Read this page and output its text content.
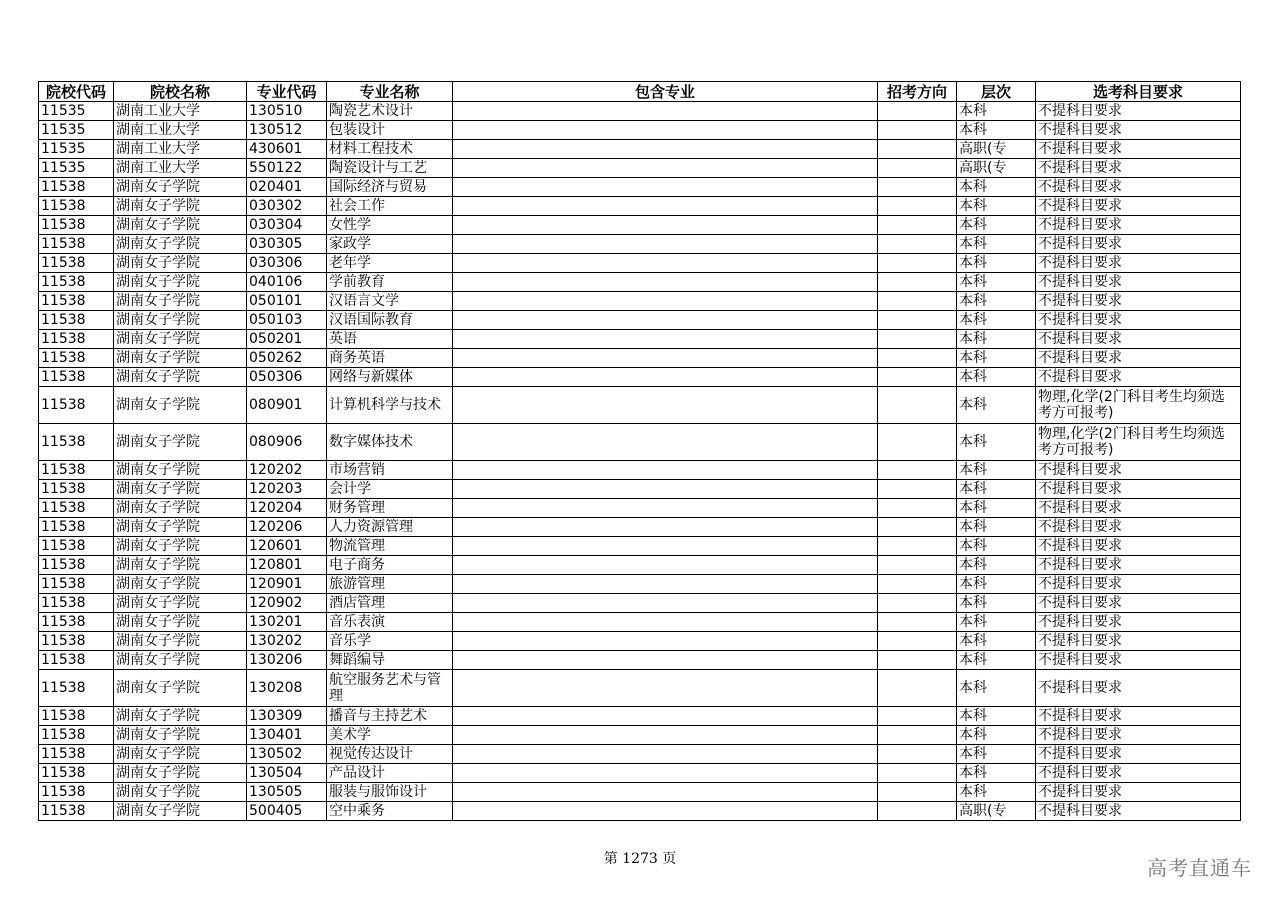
院校代码	院校名称	专业代码	专业名称	包含专业	招考方向	层次	选考科目要求
11535	湖南工业大学	130510	陶瓷艺术设计			本科	不提科目要求
11535	湖南工业大学	130512	包装设计			本科	不提科目要求
11535	湖南工业大学	430601	材料工程技术			高职(专	不提科目要求
11535	湖南工业大学	550122	陶瓷设计与工艺			高职(专	不提科目要求
11538	湖南女子学院	020401	国际经济与贸易			本科	不提科目要求
11538	湖南女子学院	030302	社会工作			本科	不提科目要求
11538	湖南女子学院	030304	女性学			本科	不提科目要求
11538	湖南女子学院	030305	家政学			本科	不提科目要求
11538	湖南女子学院	030306	老年学			本科	不提科目要求
11538	湖南女子学院	040106	学前教育			本科	不提科目要求
11538	湖南女子学院	050101	汉语言文学			本科	不提科目要求
11538	湖南女子学院	050103	汉语国际教育			本科	不提科目要求
11538	湖南女子学院	050201	英语			本科	不提科目要求
11538	湖南女子学院	050262	商务英语			本科	不提科目要求
11538	湖南女子学院	050306	网络与新媒体			本科	不提科目要求
11538	湖南女子学院	080901	计算机科学与技术			本科	物理,化学(2门科目考生均须选考方可报考)
11538	湖南女子学院	080906	数字媒体技术			本科	物理,化学(2门科目考生均须选考方可报考)
11538	湖南女子学院	120202	市场营销			本科	不提科目要求
11538	湖南女子学院	120203	会计学			本科	不提科目要求
11538	湖南女子学院	120204	财务管理			本科	不提科目要求
11538	湖南女子学院	120206	人力资源管理			本科	不提科目要求
11538	湖南女子学院	120601	物流管理			本科	不提科目要求
11538	湖南女子学院	120801	电子商务			本科	不提科目要求
11538	湖南女子学院	120901	旅游管理			本科	不提科目要求
11538	湖南女子学院	120902	酒店管理			本科	不提科目要求
11538	湖南女子学院	130201	音乐表演			本科	不提科目要求
11538	湖南女子学院	130202	音乐学			本科	不提科目要求
11538	湖南女子学院	130206	舞蹈编导			本科	不提科目要求
11538	湖南女子学院	130208	航空服务艺术与管理			本科	不提科目要求
11538	湖南女子学院	130309	播音与主持艺术			本科	不提科目要求
11538	湖南女子学院	130401	美术学			本科	不提科目要求
11538	湖南女子学院	130502	视觉传达设计			本科	不提科目要求
11538	湖南女子学院	130504	产品设计			本科	不提科目要求
11538	湖南女子学院	130505	服装与服饰设计			本科	不提科目要求
11538	湖南女子学院	500405	空中乘务			高职(专	不提科目要求
第 1273 页	高考直通车
